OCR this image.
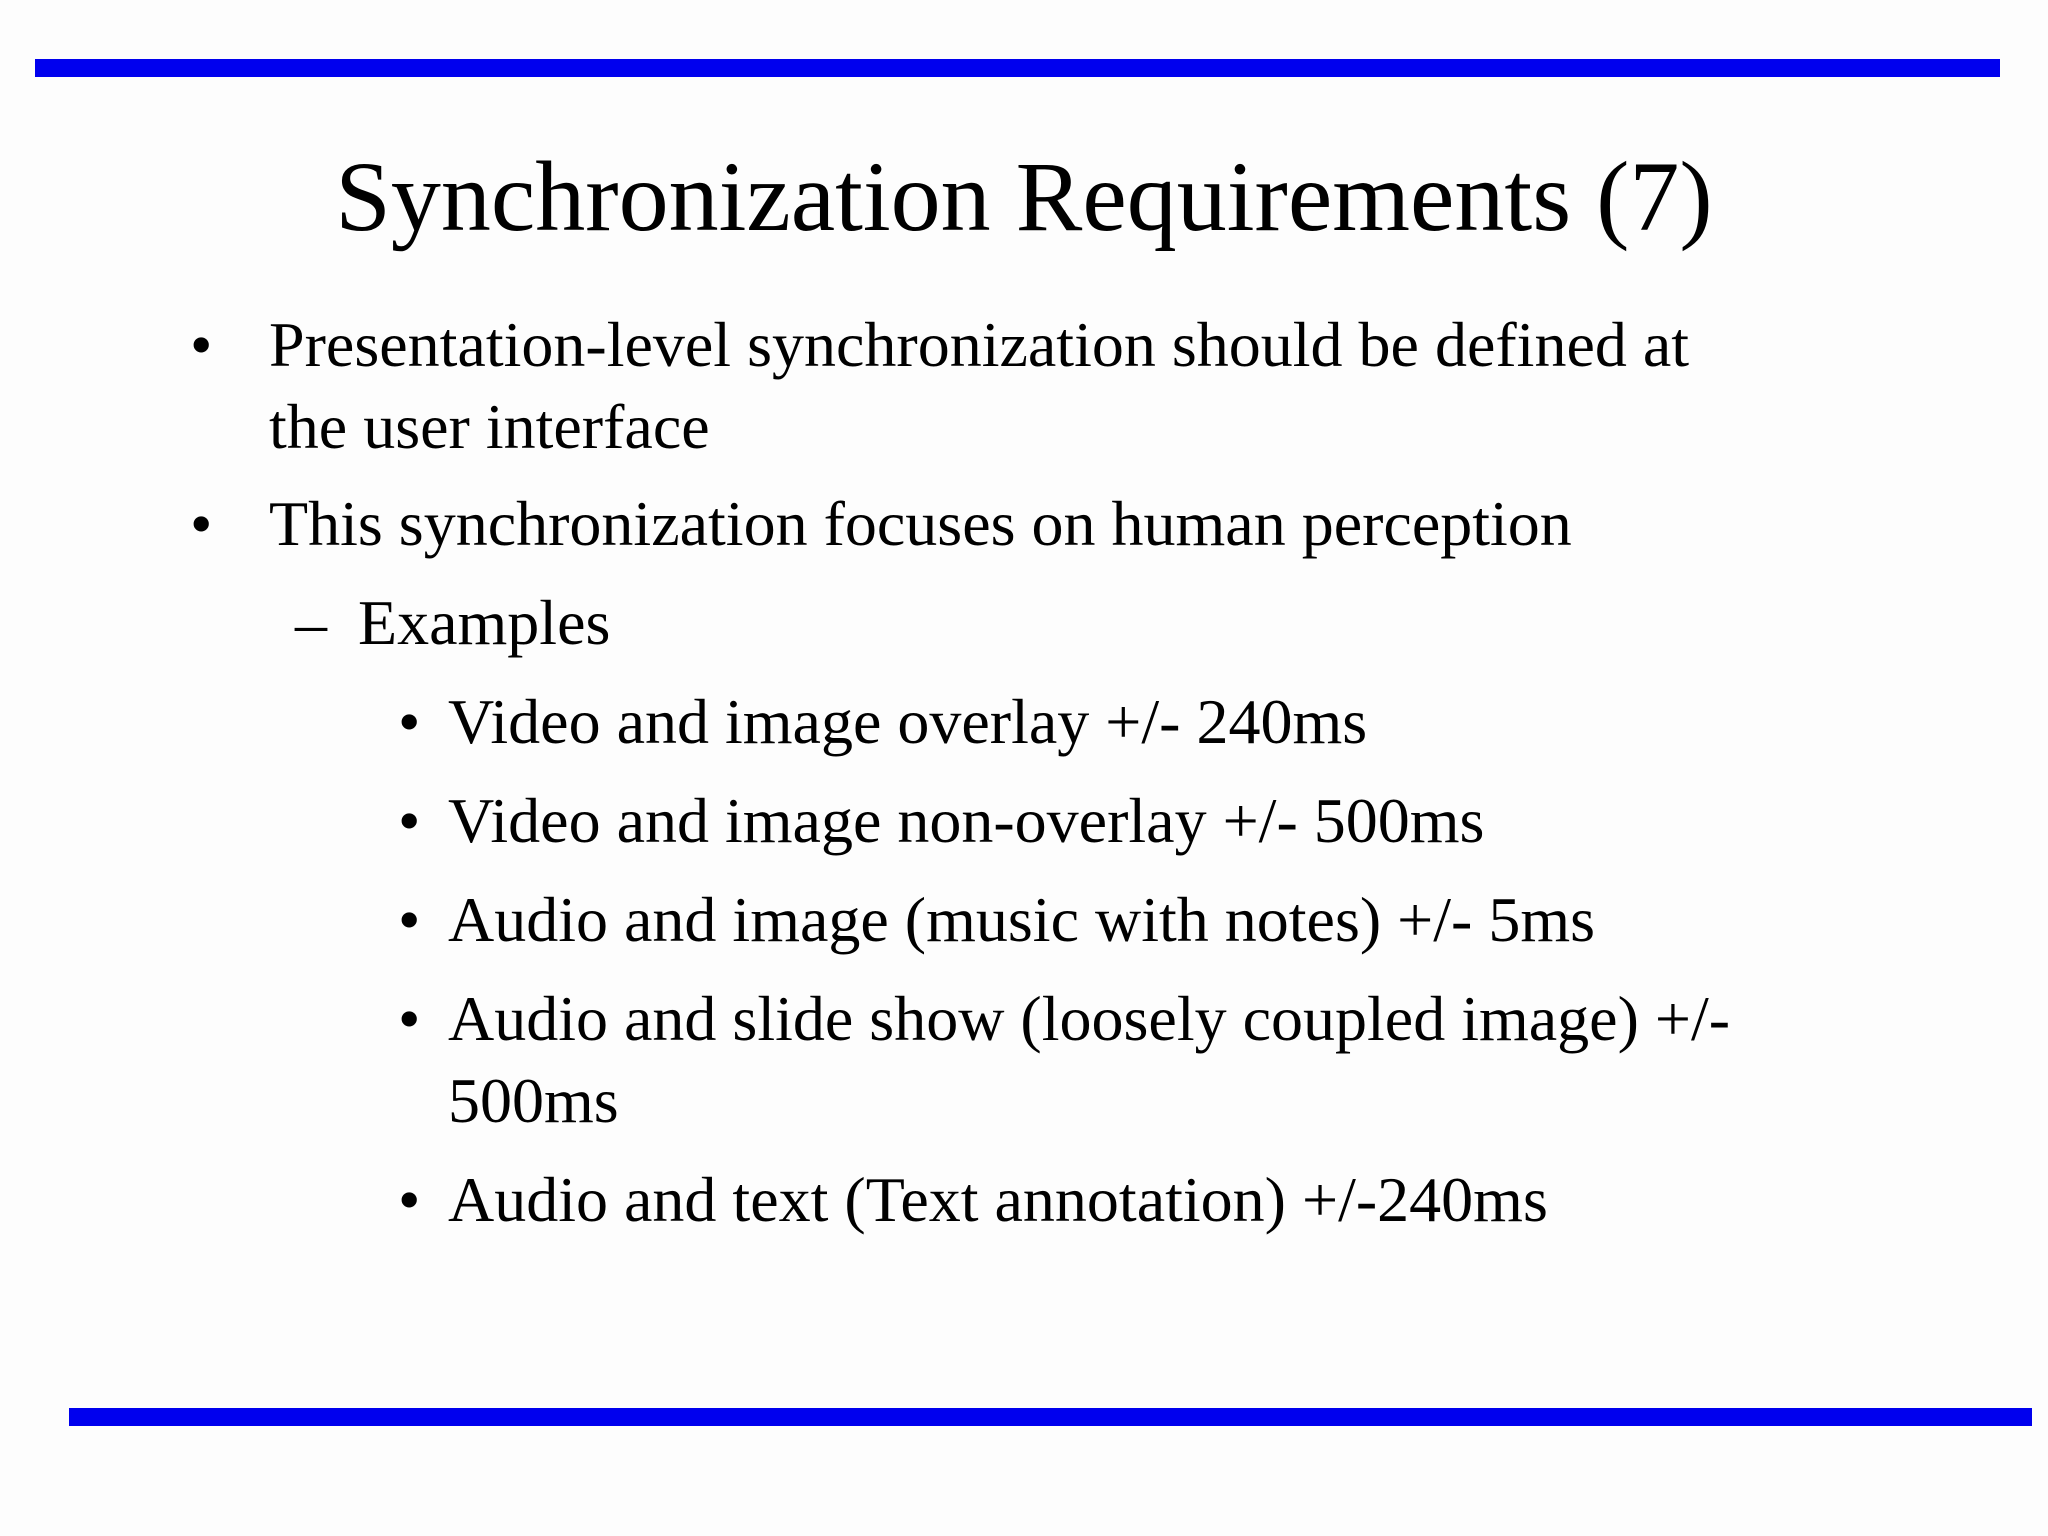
Synchronization Requirements (7)
• Presentation-level synchronization should be defined at
the user interface
• This synchronization focuses on human perception
– Examples
• Video and image overlay +/- 240ms
• Video and image non-overlay +/- 500ms
• Audio and image (music with notes) +/- 5ms
• Audio and slide show (loosely coupled image) +/-
500ms
• Audio and text (Text annotation) +/-240ms
